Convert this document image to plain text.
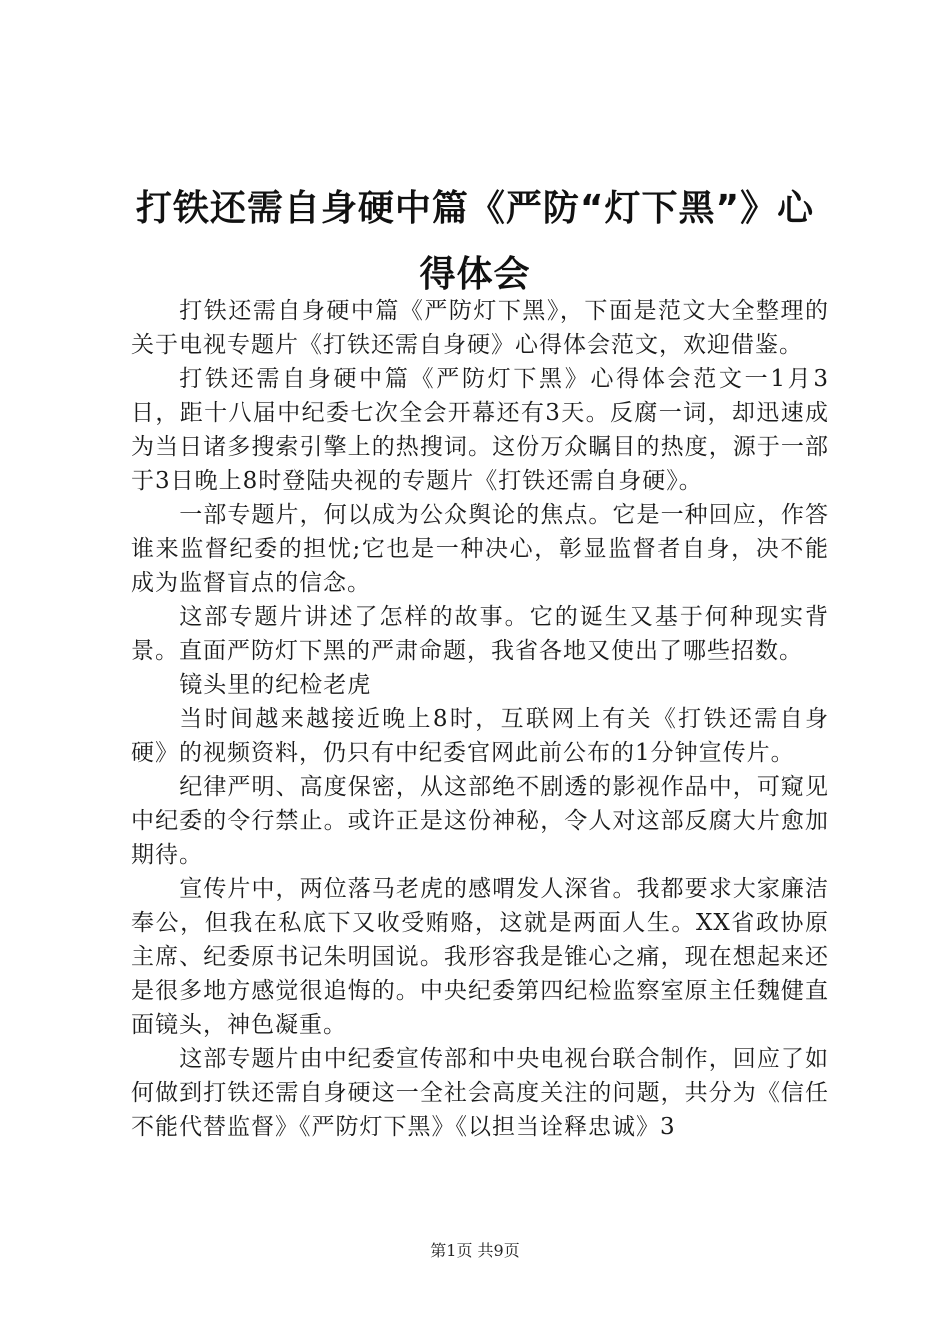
打铁还需自身硬中篇《严防“灯下黑”》心得体会

打铁还需自身硬中篇《严防灯下黑》，下面是范文大全整理的关于电视专题片《打铁还需自身硬》心得体会范文，欢迎借鉴。

打铁还需自身硬中篇《严防灯下黑》心得体会范文一1月3日，距十八届中纪委七次全会开幕还有3天。反腐一词，却迅速成为当日诸多搜索引擎上的热搜词。这份万众瞩目的热度，源于一部于3日晚上8时登陆央视的专题片《打铁还需自身硬》。

一部专题片，何以成为公众舆论的焦点。它是一种回应，作答谁来监督纪委的担忧;它也是一种决心，彰显监督者自身，决不能成为监督盲点的信念。

这部专题片讲述了怎样的故事。它的诞生又基于何种现实背景。直面严防灯下黑的严肃命题，我省各地又使出了哪些招数。

镜头里的纪检老虎

当时间越来越接近晚上8时，互联网上有关《打铁还需自身硬》的视频资料，仍只有中纪委官网此前公布的1分钟宣传片。

纪律严明、高度保密，从这部绝不剧透的影视作品中，可窥见中纪委的令行禁止。或许正是这份神秘，令人对这部反腐大片愈加期待。

宣传片中，两位落马老虎的感喟发人深省。我都要求大家廉洁奉公，但我在私底下又收受贿赂，这就是两面人生。XX省政协原主席、纪委原书记朱明国说。我形容我是锥心之痛，现在想起来还是很多地方感觉很追悔的。中央纪委第四纪检监察室原主任魏健直面镜头，神色凝重。

这部专题片由中纪委宣传部和中央电视台联合制作，回应了如何做到打铁还需自身硬这一全社会高度关注的问题，共分为《信任不能代替监督》《严防灯下黑》《以担当诠释忠诚》3

第1页 共9页
